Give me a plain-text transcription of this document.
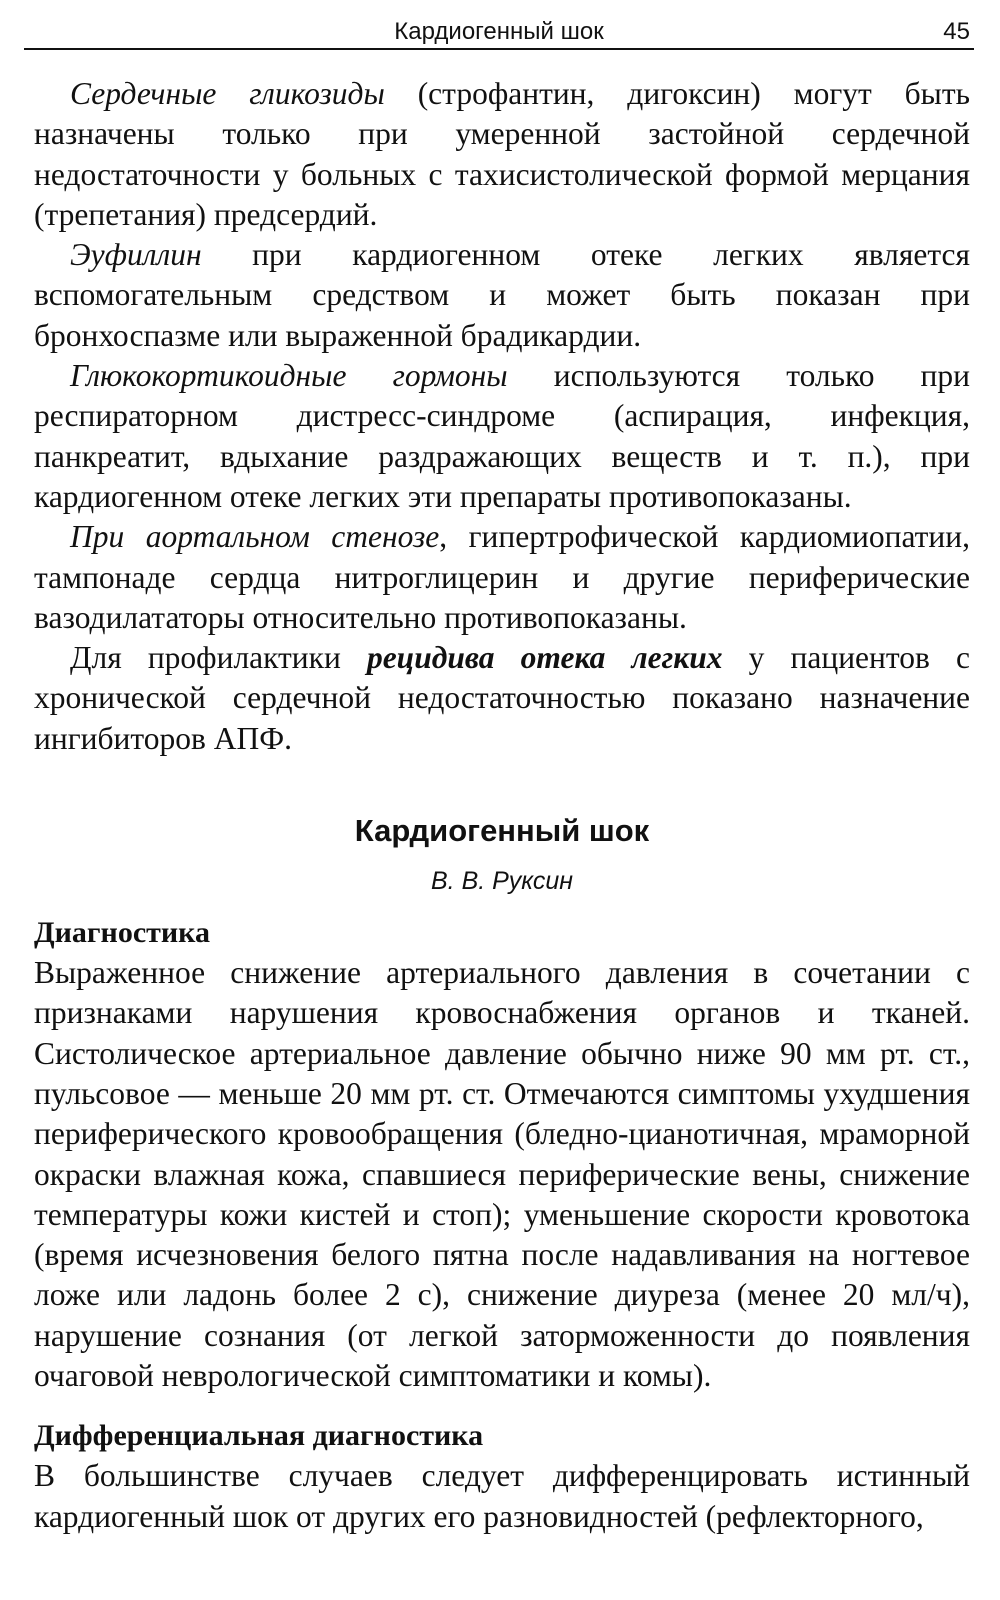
Кардиогенный шок	45

Сердечные гликозиды (строфантин, дигоксин) могут быть назначены только при умеренной застойной сердечной недостаточности у больных с тахисистолической формой мерцания (трепетания) предсердий.

Эуфиллин при кардиогенном отеке легких является вспомогательным средством и может быть показан при бронхоспазме или выраженной брадикардии.

Глюкокортикоидные гормоны используются только при респираторном дистресс-синдроме (аспирация, инфекция, панкреатит, вдыхание раздражающих веществ и т. п.), при кардиогенном отеке легких эти препараты противопоказаны.

При аортальном стенозе, гипертрофической кардиомиопатии, тампонаде сердца нитроглицерин и другие периферические вазодилататоры относительно противопоказаны.

Для профилактики рецидива отека легких у пациентов с хронической сердечной недостаточностью показано назначение ингибиторов АПФ.

Кардиогенный шок
В. В. Руксин
Диагностика

Выраженное снижение артериального давления в сочетании с признаками нарушения кровоснабжения органов и тканей. Систолическое артериальное давление обычно ниже 90 мм рт. ст., пульсовое — меньше 20 мм рт. ст. Отмечаются симптомы ухудшения периферического кровообращения (бледно-цианотичная, мраморной окраски влажная кожа, спавшиеся периферические вены, снижение температуры кожи кистей и стоп); уменьшение скорости кровотока (время исчезновения белого пятна после надавливания на ногтевое ложе или ладонь более 2 с), снижение диуреза (менее 20 мл/ч), нарушение сознания (от легкой заторможенности до появления очаговой неврологической симптоматики и комы).

Дифференциальная диагностика

В большинстве случаев следует дифференцировать истинный кардиогенный шок от других его разновидностей (рефлекторного,
